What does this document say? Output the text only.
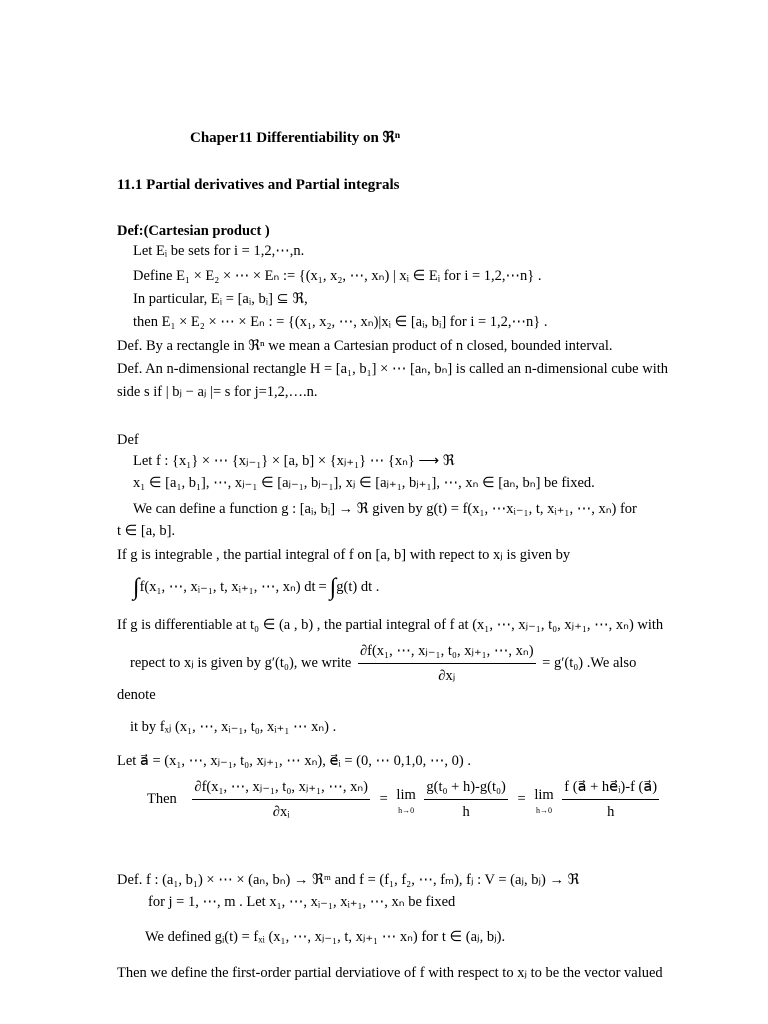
Chaper11 Differentiability on ℜⁿ
11.1 Partial derivatives and Partial integrals
Def:(Cartesian product )
Let Eᵢ be sets for i = 1,2,⋯,n.
Define E₁ × E₂ × ⋯ × Eₙ := {(x₁, x₂, ⋯, xₙ) | xᵢ ∈ Eᵢ for i = 1,2,⋯n} .
In particular, Eᵢ = [aᵢ, bᵢ] ⊆ ℜ,
then E₁ × E₂ × ⋯ × Eₙ : = {(x₁, x₂, ⋯, xₙ)|xᵢ ∈ [aᵢ, bᵢ] for i = 1,2,⋯n} .
Def. By a rectangle in ℜⁿ we mean a Cartesian product of n closed, bounded interval.
Def. An n-dimensional rectangle H = [a₁, b₁] × ⋯ [aₙ, bₙ] is called an n-dimensional cube with
side s if | bⱼ − aⱼ |= s for j=1,2,….n.
Def
Let f : {x₁} × ⋯ {xⱼ₋₁} × [a, b] × {xⱼ₊₁} ⋯ {xₙ} ⟶ ℜ
x₁ ∈ [a₁, b₁], ⋯, xⱼ₋₁ ∈ [aⱼ₋₁, bⱼ₋₁], xⱼ ∈ [aⱼ₊₁, bⱼ₊₁], ⋯, xₙ ∈ [aₙ, bₙ] be fixed.
We can define a function g : [aᵢ, bᵢ] → ℜ given by g(t) = f(x₁, ⋯xᵢ₋₁, t, xᵢ₊₁, ⋯, xₙ) for
t ∈ [a, b].
If g is integrable , the partial integral of f on [a, b] with repect to xⱼ is given by
∫f(x₁, ⋯, xᵢ₋₁, t, xᵢ₊₁, ⋯, xₙ) dt = ∫g(t) dt .
If g is differentiable at t₀ ∈ (a , b) , the partial integral of f at (x₁, ⋯, xⱼ₋₁, t₀, xⱼ₊₁, ⋯, xₙ) with
repect to xⱼ is given by g′(t₀), we write $\frac{\text{∂f(x₁, ⋯, xⱼ₋₁, t₀, xⱼ₊₁, ⋯, xₙ)}}{\text{∂xⱼ}} = g'(t_0)$ .We also
denote
it by fₓⱼ (x₁, ⋯, xᵢ₋₁, t₀, xᵢ₊₁ ⋯ xₙ) .
Let a⃗ = (x₁, ⋯, xⱼ₋₁, t₀, xⱼ₊₁, ⋯ xₙ), e⃗ᵢ = (0, ⋯ 0,1,0, ⋯, 0) .
Then $\frac{\text{∂f(x₁, ⋯, xⱼ₋₁, t₀, xⱼ₊₁, ⋯, xₙ)}}{\text{∂xᵢ}} = \lim$
h→0
$\frac{\text{g(t₀ + h)-g(t₀)}}{h} = \lim$
h→0
$\frac{\text{f (a⃗ + he⃗ᵢ)-f (a⃗)}}{h}$
Def. f : (a₁, b₁) × ⋯ × (aₙ, bₙ) → ℜᵐ and f = (f₁, f₂, ⋯, fₘ), fⱼ : V = (aⱼ, bⱼ) → ℜ
for j = 1, ⋯, m . Let x₁, ⋯, xᵢ₋₁, xᵢ₊₁, ⋯, xₙ be fixed
We defined gᵢ(t) = fₓᵢ (x₁, ⋯, xⱼ₋₁, t, xⱼ₊₁ ⋯ xₙ) for t ∈ (aⱼ, bⱼ).
Then we define the first-order partial derviatiove of f with respect to xⱼ to be the vector valued
